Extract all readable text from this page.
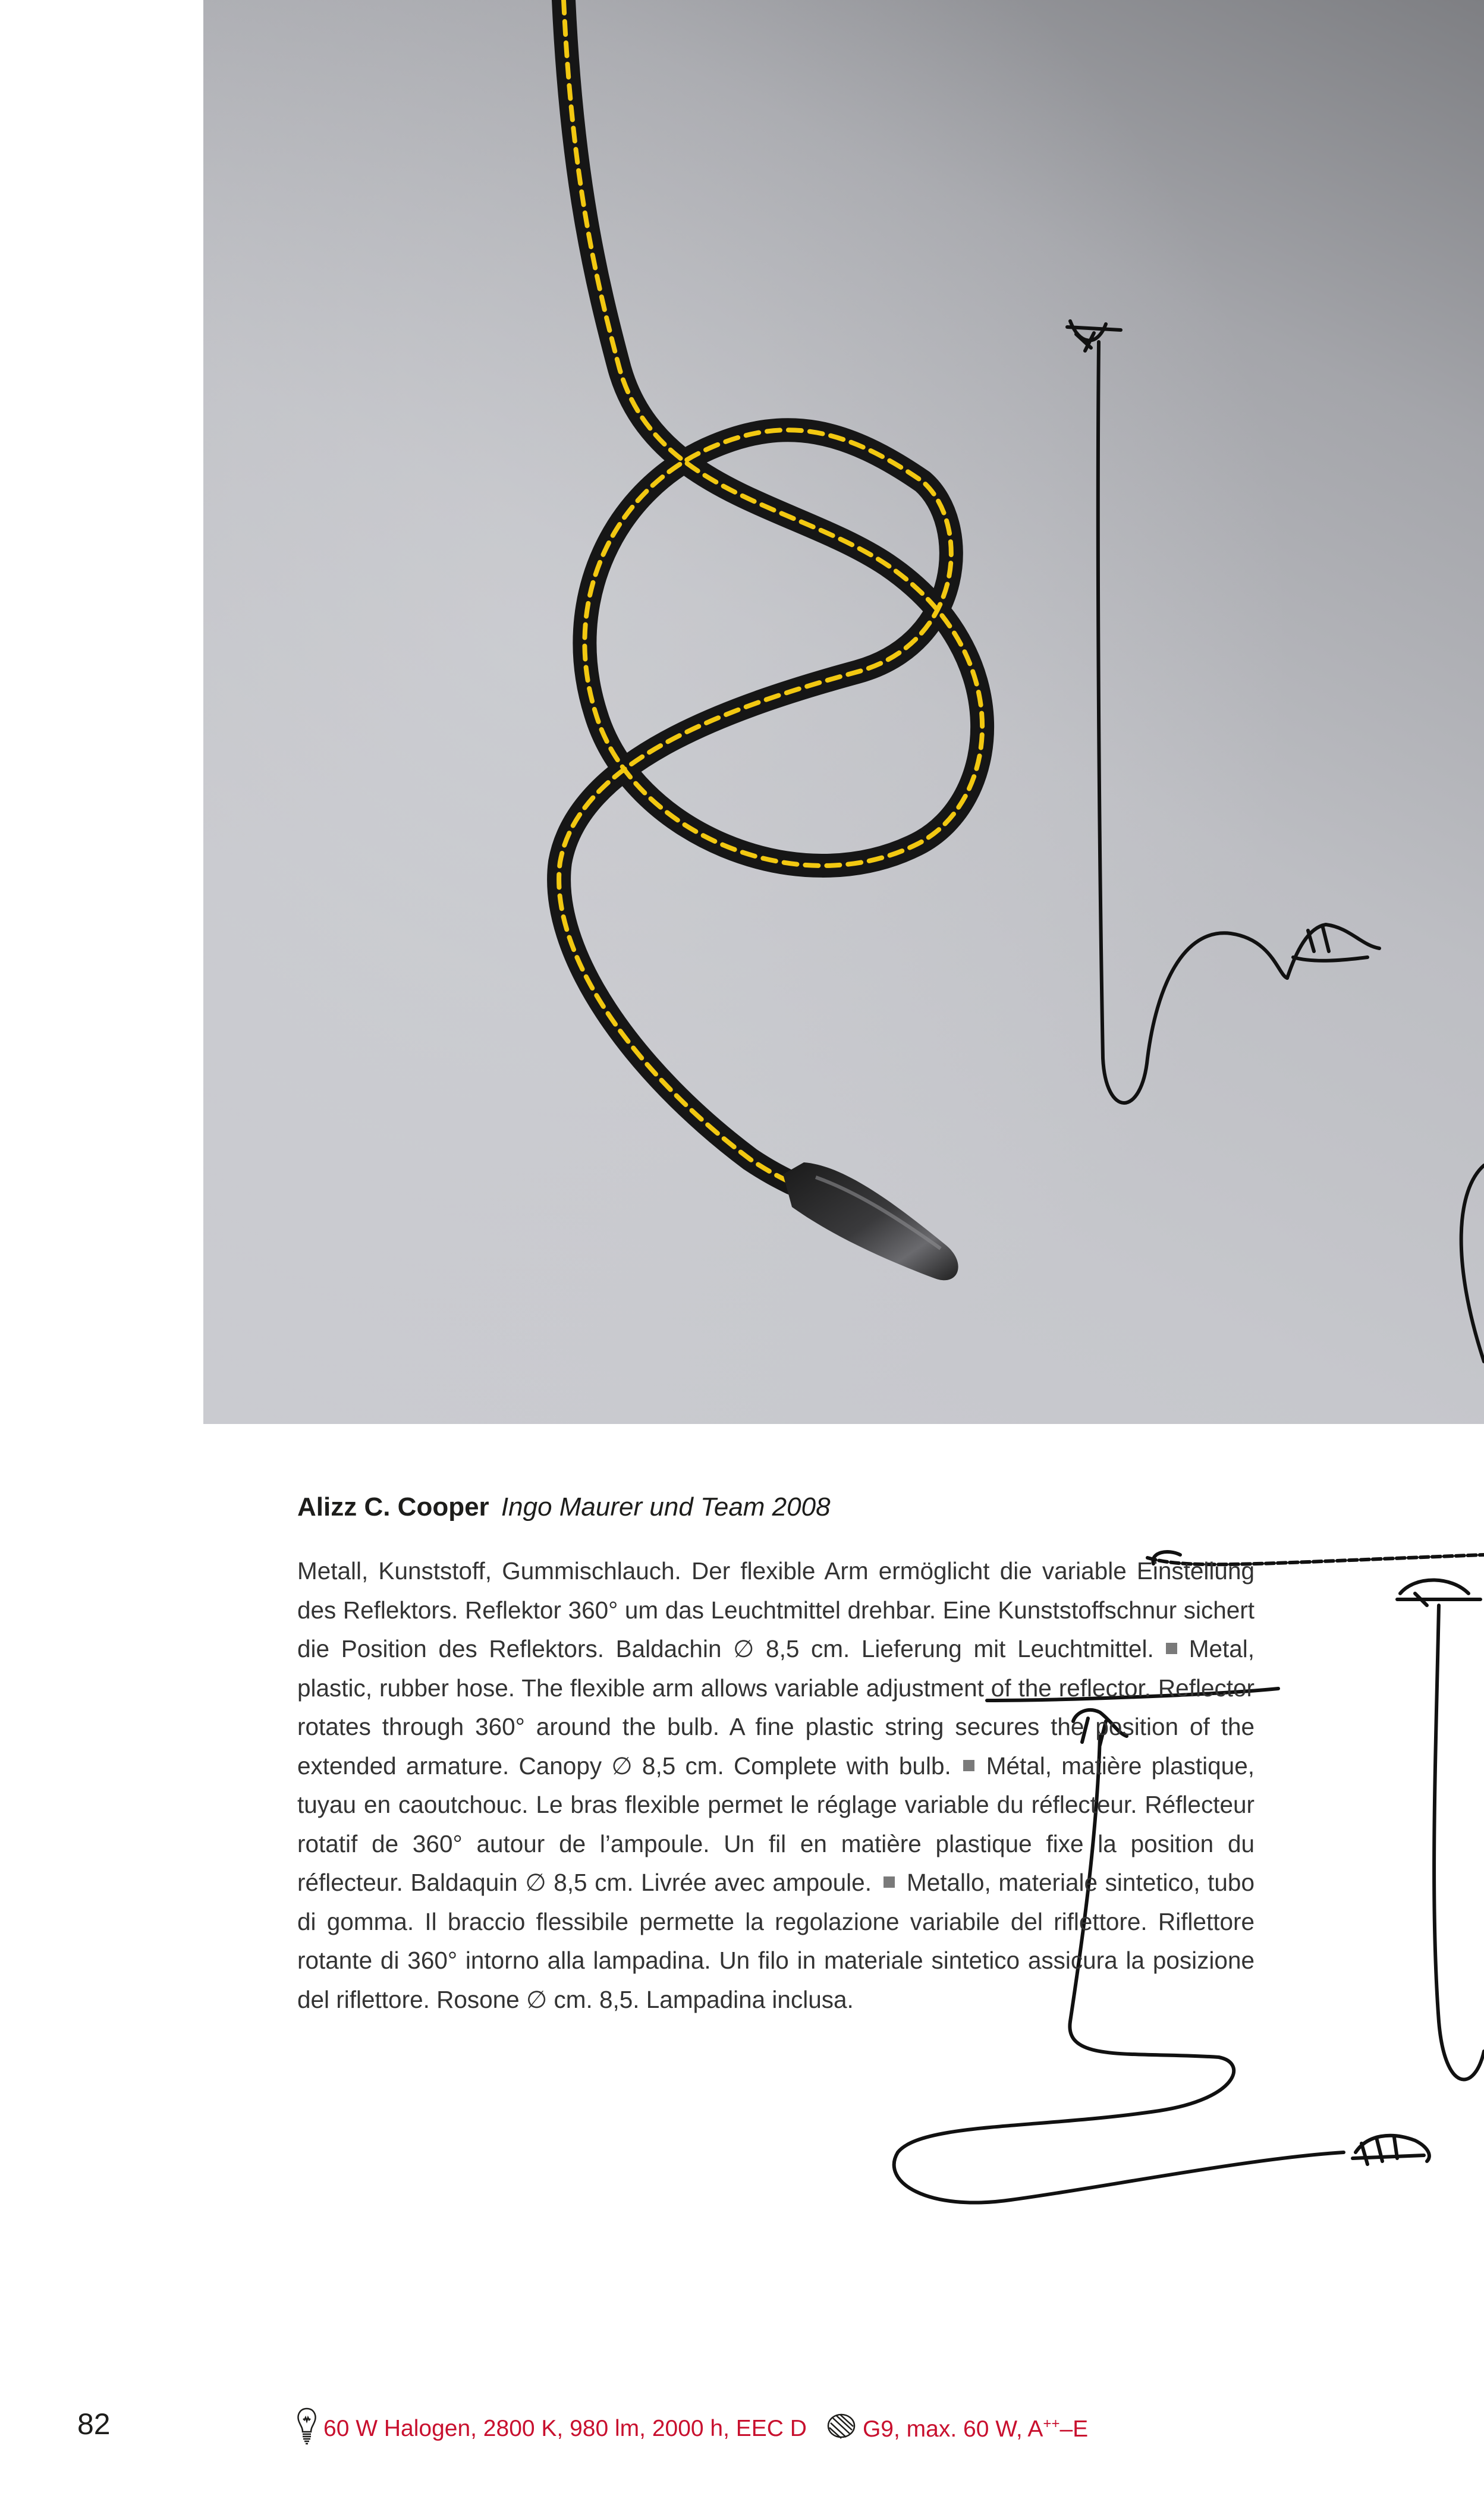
Alizz C. Cooper Ingo Maurer und Team 2008
Metall, Kunststoff, Gummischlauch. Der flexible Arm ermöglicht die variable Einstellung des Reflektors. Reflektor 360° um das Leuchtmittel drehbar. Eine Kunststoffschnur sichert die Position des Reflektors. Baldachin ∅ 8,5 cm. Lieferung mit Leuchtmittel. Metal, plastic, rubber hose. The flexible arm allows variable adjustment of the reflector. Reflector rotates through 360° around the bulb. A fine plastic string secures the position of the extended armature. Canopy ∅ 8,5 cm. Complete with bulb. Métal, matière plastique, tuyau en caoutchouc. Le bras flexible permet le réglage variable du réflecteur. Réflecteur rotatif de 360° autour de l’ampoule. Un fil en matière plastique fixe la position du réflecteur. Baldaquin ∅ 8,5 cm. Livrée avec ampoule. Metallo, materiale sintetico, tubo di gomma. Il braccio flessibile permette la regolazione variabile del riflettore. Riflettore rotante di 360° intorno alla lampadina. Un filo in materiale sintetico assicura la posizione del riflettore. Rosone ∅ cm. 8,5. Lampadina inclusa.
82	60 W Halogen, 2800 K, 980 lm, 2000 h, EEC D G9, max. 60 W, A++–E
